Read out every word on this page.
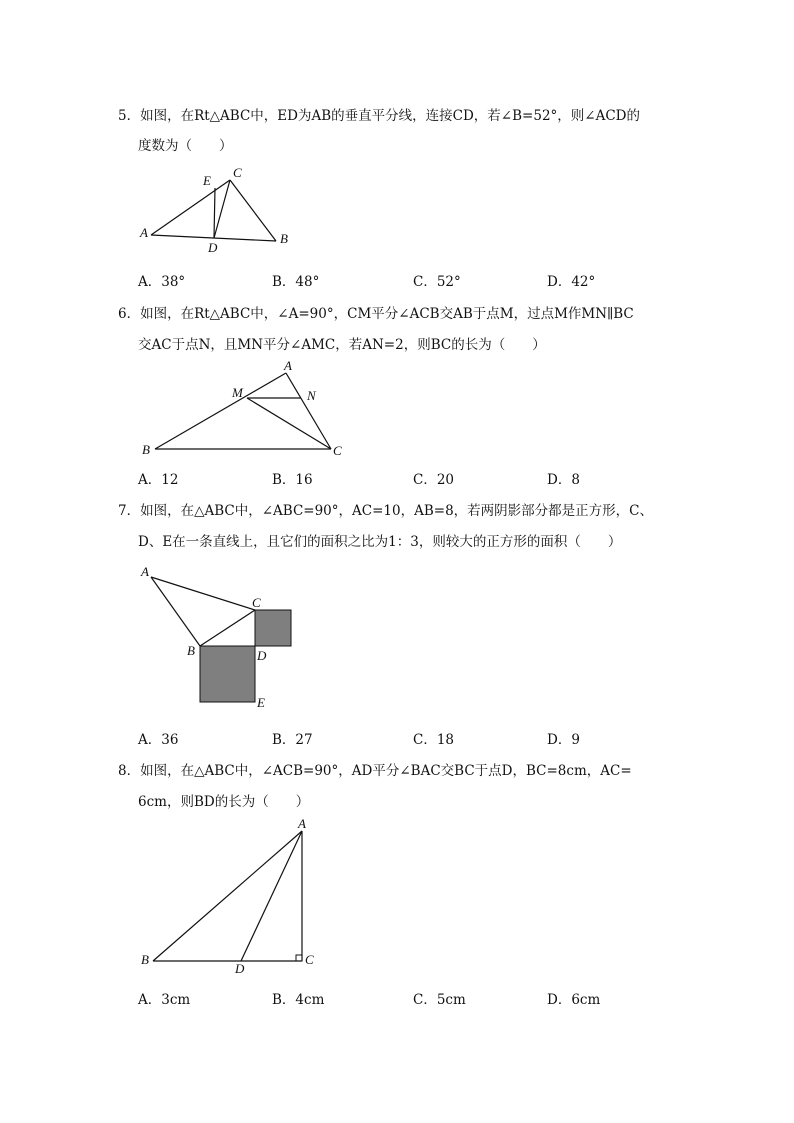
5．如图，在Rt△ABC中，ED为AB的垂直平分线，连接CD，若∠B=52°，则∠ACD的
度数为（　　）
A	B
C
D
E
A．38°	B．48°	C．52°	D．42°
6．如图，在Rt△ABC中，∠A=90°，CM平分∠ACB交AB于点M，过点M作MN∥BC
交AC于点N，且MN平分∠AMC，若AN=2，则BC的长为（　　）
A
B	C
M	N
A．12	B．16	C．20	D．8
7．如图，在△ABC中，∠ABC=90°，AC=10，AB=8，若两阴影部分都是正方形，C、
D、E在一条直线上，且它们的面积之比为1：3，则较大的正方形的面积（　　）
A
B
C
D
E
A．36	B．27	C．18	D．9
8．如图，在△ABC中，∠ACB=90°，AD平分∠BAC交BC于点D，BC=8cm，AC=
6cm，则BD的长为（　　）
A
B	C
D
A．3cm	B．4cm	C．5cm	D．6cm
